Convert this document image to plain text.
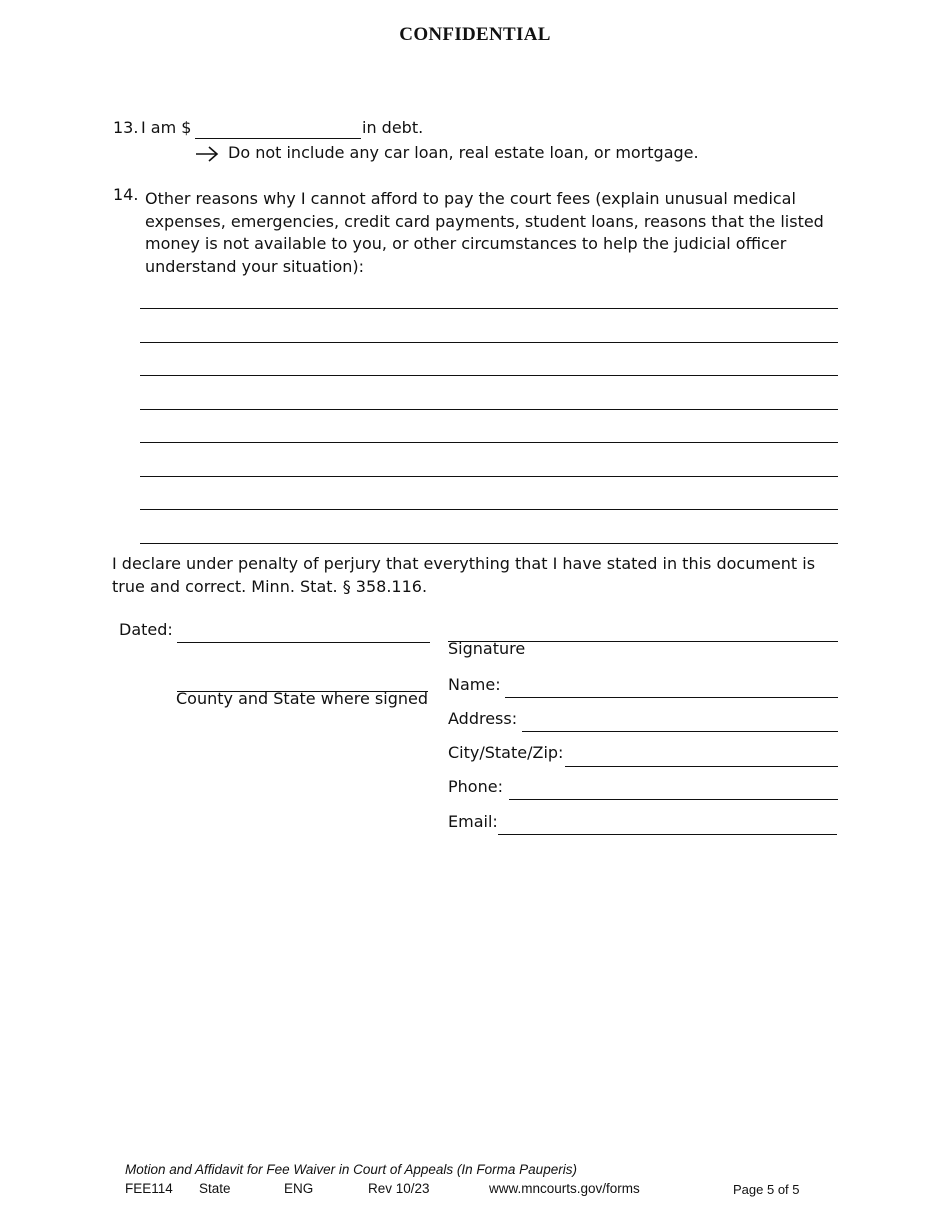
CONFIDENTIAL
13. I am $	in debt.
Do not include any car loan, real estate loan, or mortgage.
14. Other reasons why I cannot afford to pay the court fees (explain unusual medical expenses, emergencies, credit card payments, student loans, reasons that the listed money is not available to you, or other circumstances to help the judicial officer understand your situation):
I declare under penalty of perjury that everything that I have stated in this document is true and correct. Minn. Stat. § 358.116.
Dated:
County and State where signed
Signature
Name:
Address:
City/State/Zip:
Phone:
Email:
Motion and Affidavit for Fee Waiver in Court of Appeals (In Forma Pauperis)
FEE114 State	ENG	Rev 10/23	www.mncourts.gov/forms	Page 5 of 5
